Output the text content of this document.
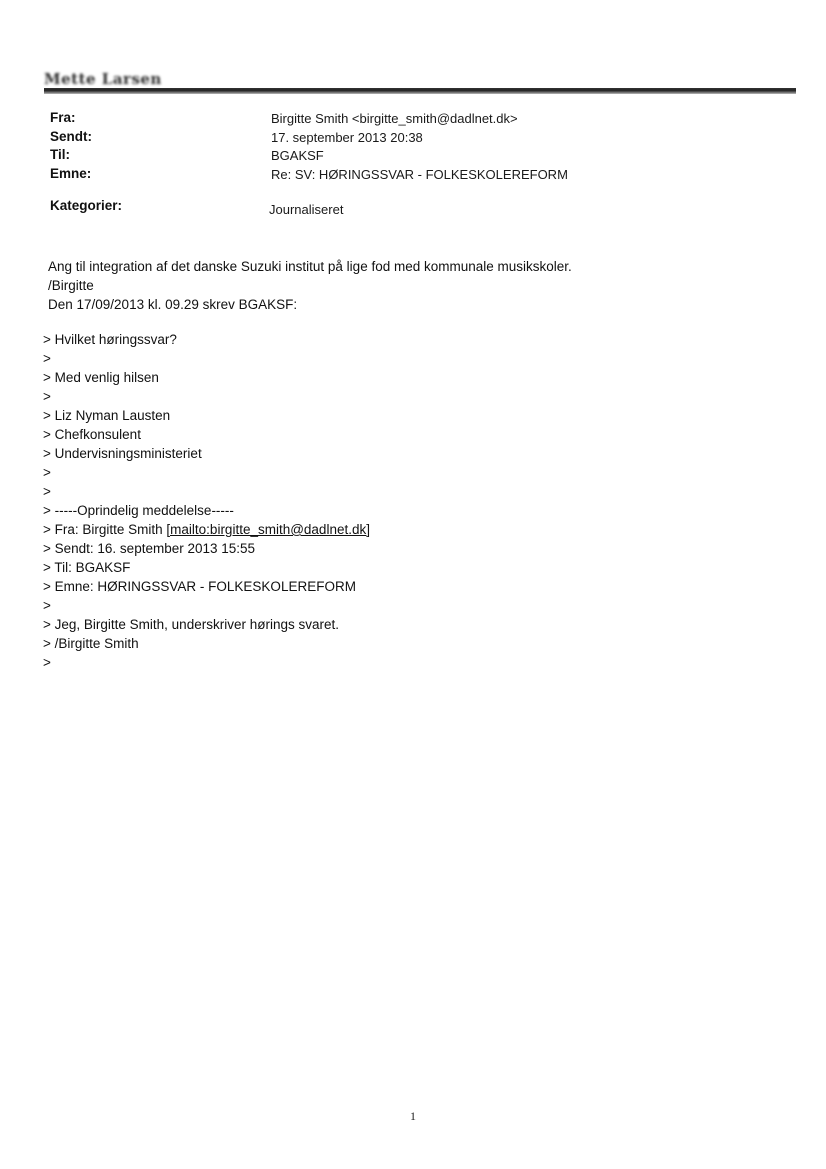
Mette Larsen
Fra:	Birgitte Smith <birgitte_smith@dadlnet.dk>
Sendt:	17. september 2013 20:38
Til:	BGAKSF
Emne:	Re: SV: HØRINGSSVAR - FOLKESKOLEREFORM
Kategorier:	Journaliseret
Ang til integration af det danske Suzuki institut på lige fod med kommunale musikskoler.
/Birgitte
Den 17/09/2013 kl. 09.29 skrev BGAKSF:
> Hvilket høringssvar?
>
> Med venlig hilsen
>
> Liz Nyman Lausten
> Chefkonsulent
> Undervisningsministeriet
>
>
> -----Oprindelig meddelelse-----
> Fra: Birgitte Smith [mailto:birgitte_smith@dadlnet.dk]
> Sendt: 16. september 2013 15:55
> Til: BGAKSF
> Emne: HØRINGSSVAR - FOLKESKOLEREFORM
>
> Jeg, Birgitte Smith, underskriver hørings svaret.
> /Birgitte Smith
>
1
